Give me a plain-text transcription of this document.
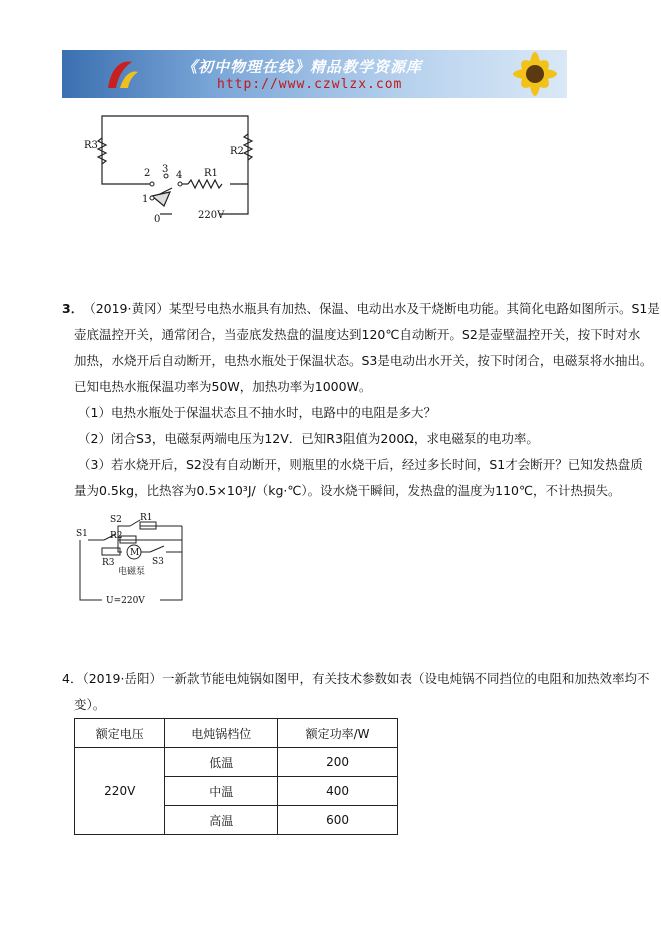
《初中物理在线》精品教学资源库
http://www.czwlzx.com
R3
R2
R1
2 3
4
1
0	220V
（2019·黄冈）某型号电热水瓶具有加热、保温、电动出水及干烧断电功能。其简化电路如图所示。S1是
壶底温控开关，通常闭合，当壶底发热盘的温度达到120℃自动断开。S2是壶壁温控开关，按下时对水
加热，水烧开后自动断开，电热水瓶处于保温状态。S3是电动出水开关，按下时闭合，电磁泵将水抽出。
已知电热水瓶保温功率为50W，加热功率为1000W。
（1）电热水瓶处于保温状态且不抽水时，电路中的电阻是多大？
（2）闭合S3，电磁泵两端电压为12V．已知R3阻值为200Ω，求电磁泵的电功率。
（3）若水烧开后，S2没有自动断开，则瓶里的水烧干后，经过多长时间，S1才会断开？已知发热盘质
量为0.5kg，比热容为0.5×10³J/（kg·℃）。设水烧干瞬间，发热盘的温度为110℃，不计热损失。
3．
S1
S2 R1
R2
R3
M
S3
电磁泵
U=220V
4．（2019·岳阳）一新款节能电炖锅如图甲，有关技术参数如表（设电炖锅不同挡位的电阻和加热效率均不
变）。
额定电压	电炖锅档位	额定功率/W
220V	低温	200
	中温	400
	高温	600
